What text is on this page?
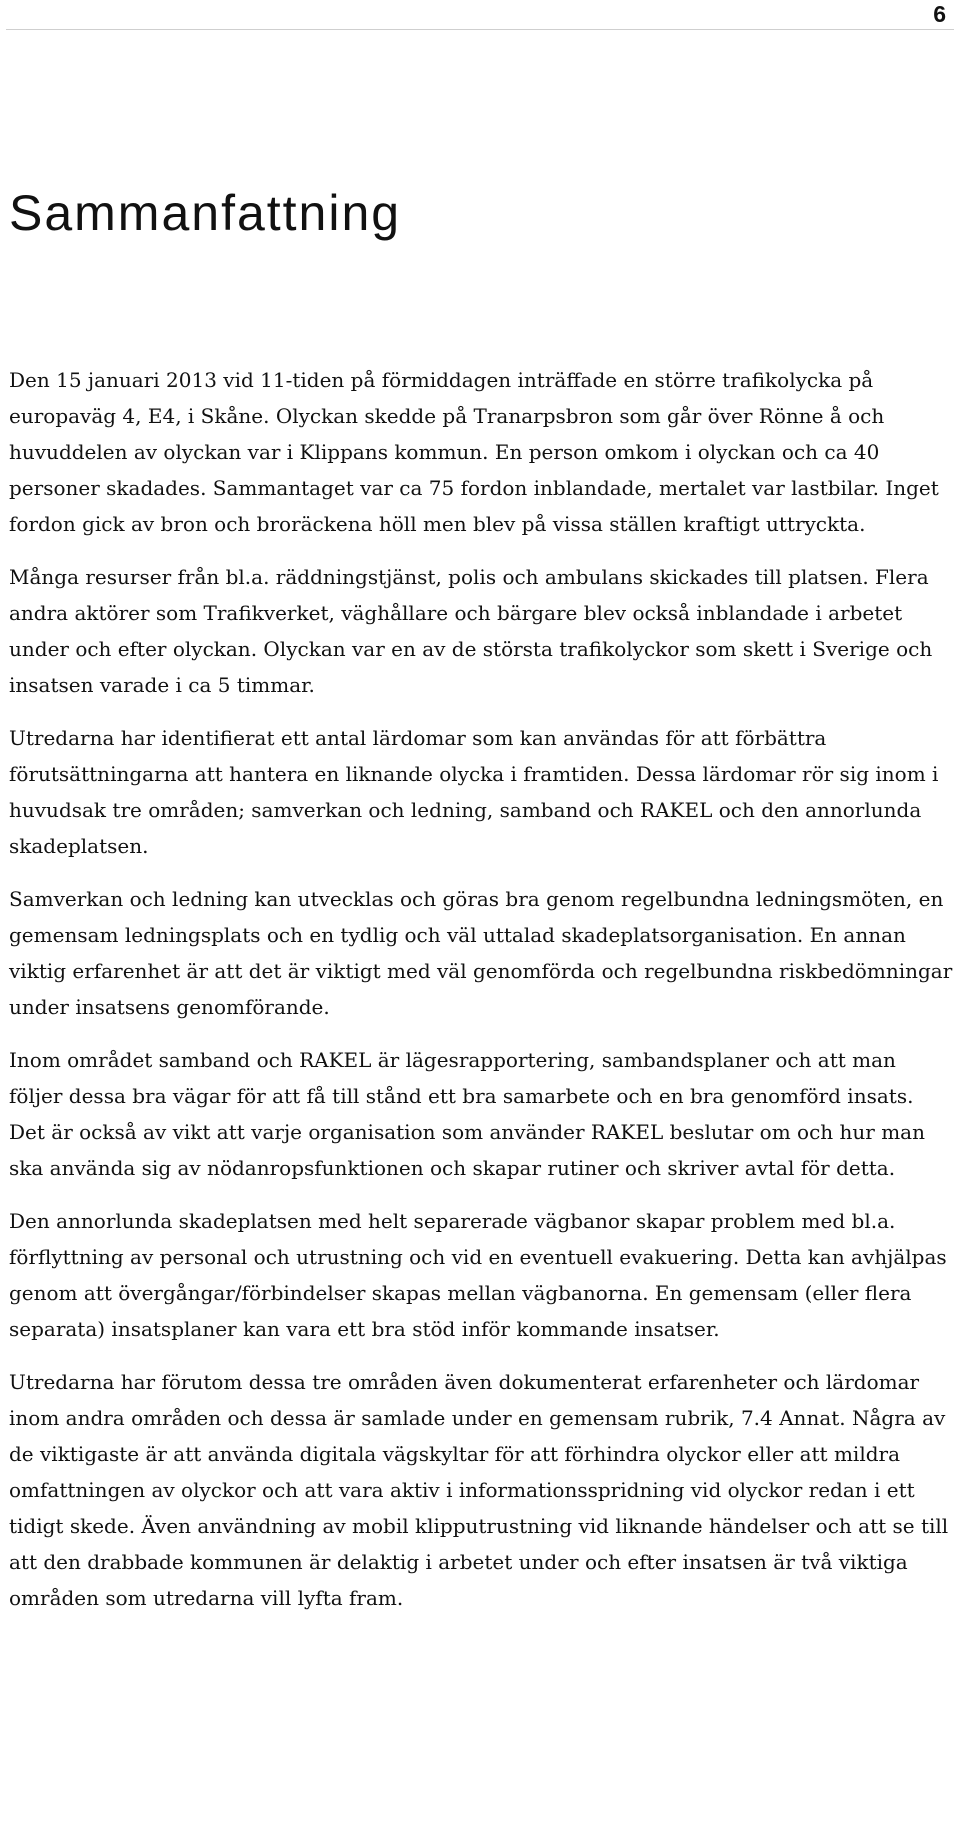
6
Sammanfattning

Den 15 januari 2013 vid 11-tiden på förmiddagen inträffade en större trafikolycka på europaväg 4, E4, i Skåne. Olyckan skedde på Tranarpsbron som går över Rönne å och huvuddelen av olyckan var i Klippans kommun. En person omkom i olyckan och ca 40 personer skadades. Sammantaget var ca 75 fordon inblandade, mertalet var lastbilar. Inget fordon gick av bron och broräckena höll men blev på vissa ställen kraftigt uttryckta.

Många resurser från bl.a. räddningstjänst, polis och ambulans skickades till platsen. Flera andra aktörer som Trafikverket, väghållare och bärgare blev också inblandade i arbetet under och efter olyckan. Olyckan var en av de största trafikolyckor som skett i Sverige och insatsen varade i ca 5 timmar.

Utredarna har identifierat ett antal lärdomar som kan användas för att förbättra förutsättningarna att hantera en liknande olycka i framtiden. Dessa lärdomar rör sig inom i huvudsak tre områden; samverkan och ledning, samband och RAKEL och den annorlunda skadeplatsen.

Samverkan och ledning kan utvecklas och göras bra genom regelbundna ledningsmöten, en gemensam ledningsplats och en tydlig och väl uttalad skadeplatsorganisation. En annan viktig erfarenhet är att det är viktigt med väl genomförda och regelbundna riskbedömningar under insatsens genomförande.

Inom området samband och RAKEL är lägesrapportering, sambandsplaner och att man följer dessa bra vägar för att få till stånd ett bra samarbete och en bra genomförd insats. Det är också av vikt att varje organisation som använder RAKEL beslutar om och hur man ska använda sig av nödanropsfunktionen och skapar rutiner och skriver avtal för detta.

Den annorlunda skadeplatsen med helt separerade vägbanor skapar problem med bl.a. förflyttning av personal och utrustning och vid en eventuell evakuering. Detta kan avhjälpas genom att övergångar/förbindelser skapas mellan vägbanorna. En gemensam (eller flera separata) insatsplaner kan vara ett bra stöd inför kommande insatser.

Utredarna har förutom dessa tre områden även dokumenterat erfarenheter och lärdomar inom andra områden och dessa är samlade under en gemensam rubrik, 7.4 Annat. Några av de viktigaste är att använda digitala vägskyltar för att förhindra olyckor eller att mildra omfattningen av olyckor och att vara aktiv i informationsspridning vid olyckor redan i ett tidigt skede. Även användning av mobil klipputrustning vid liknande händelser och att se till att den drabbade kommunen är delaktig i arbetet under och efter insatsen är två viktiga områden som utredarna vill lyfta fram.
